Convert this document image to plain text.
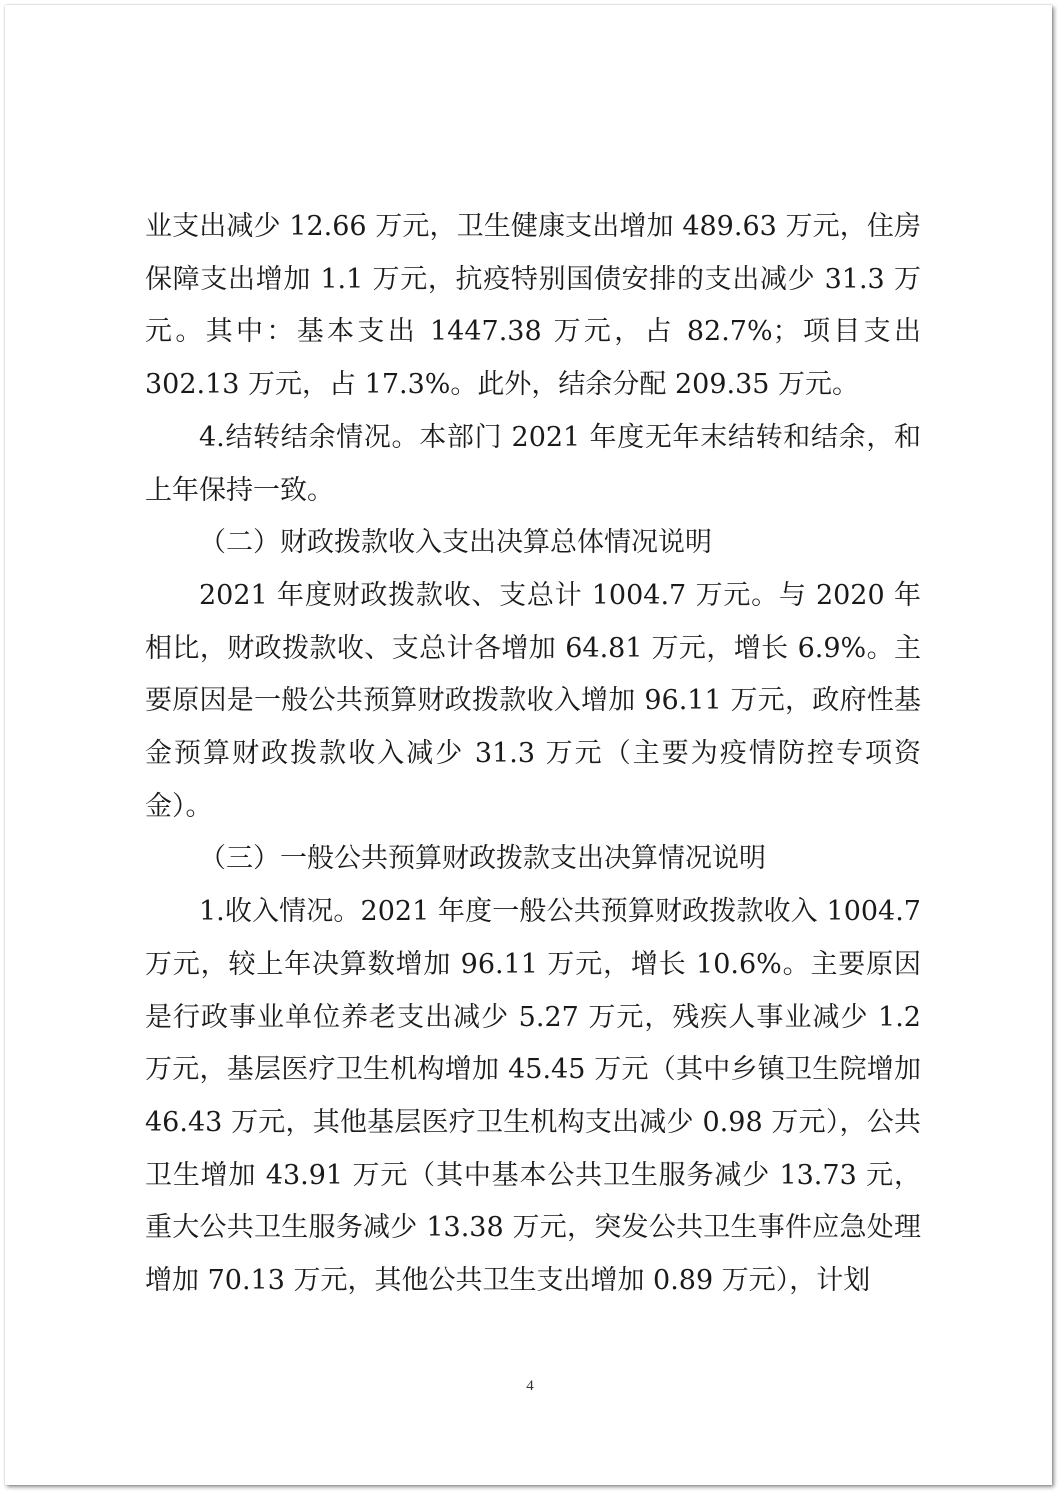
业支出减少 12.66 万元，卫生健康支出增加 489.63 万元，住房保障支出增加 1.1 万元，抗疫特别国债安排的支出减少 31.3 万元。其中：基本支出 1447.38 万元，占 82.7%；项目支出 302.13 万元，占 17.3%。此外，结余分配 209.35 万元。

4.结转结余情况。本部门 2021 年度无年末结转和结余，和上年保持一致。

（二）财政拨款收入支出决算总体情况说明

2021 年度财政拨款收、支总计 1004.7 万元。与 2020 年相比，财政拨款收、支总计各增加 64.81 万元，增长 6.9%。主要原因是一般公共预算财政拨款收入增加 96.11 万元，政府性基金预算财政拨款收入减少 31.3 万元（主要为疫情防控专项资金）。

（三）一般公共预算财政拨款支出决算情况说明

1.收入情况。2021 年度一般公共预算财政拨款收入 1004.7 万元，较上年决算数增加 96.11 万元，增长 10.6%。主要原因是行政事业单位养老支出减少 5.27 万元，残疾人事业减少 1.2 万元，基层医疗卫生机构增加 45.45 万元（其中乡镇卫生院增加 46.43 万元，其他基层医疗卫生机构支出减少 0.98 万元），公共卫生增加 43.91 万元（其中基本公共卫生服务减少 13.73 元，重大公共卫生服务减少 13.38 万元，突发公共卫生事件应急处理增加 70.13 万元，其他公共卫生支出增加 0.89 万元），计划

4
